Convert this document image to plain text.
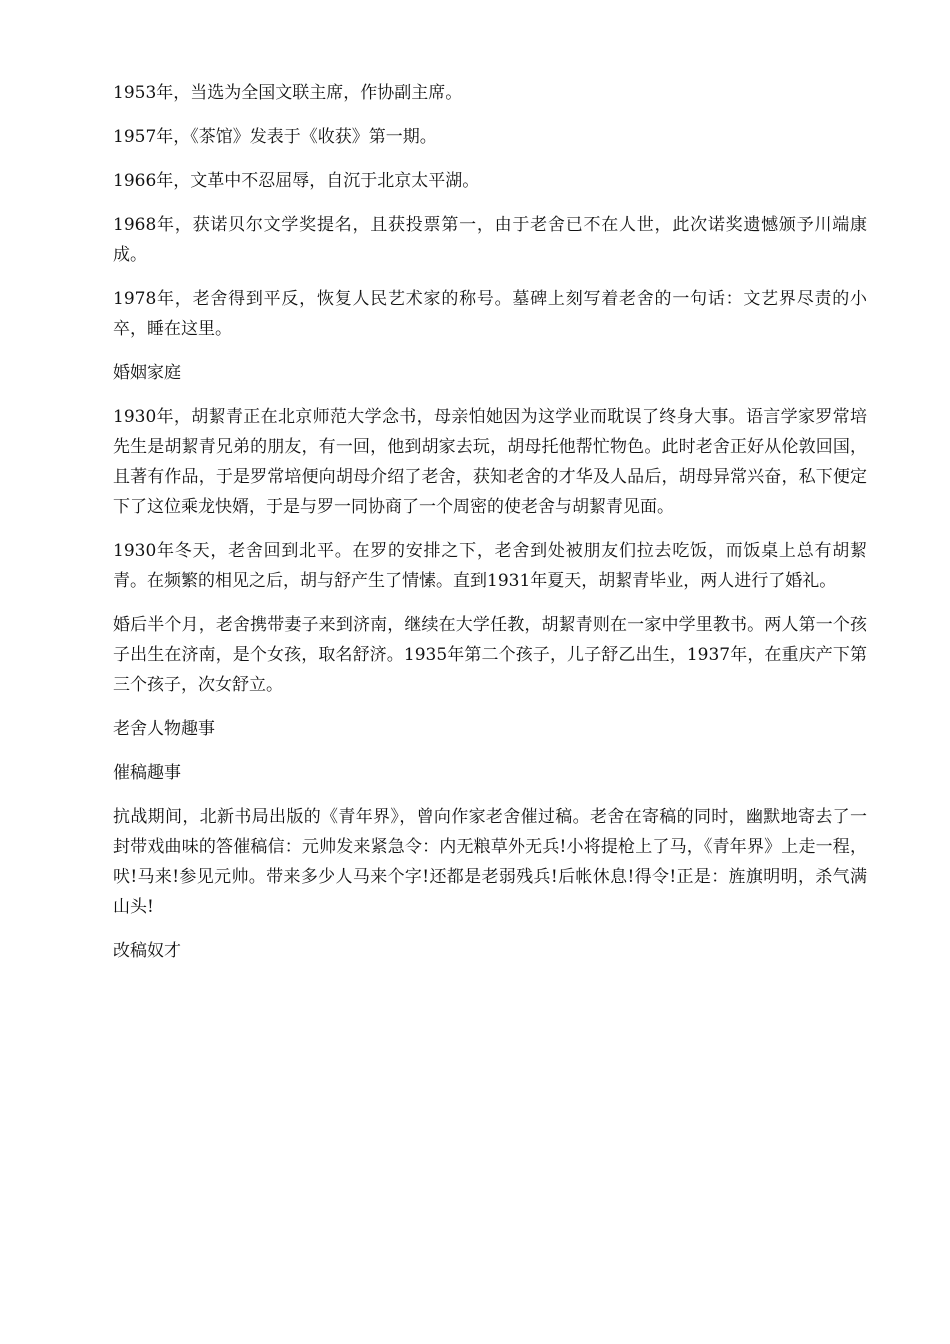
1953年，当选为全国文联主席，作协副主席。

1957年，《茶馆》发表于《收获》第一期。

1966年，文革中不忍屈辱，自沉于北京太平湖。

1968年，获诺贝尔文学奖提名，且获投票第一，由于老舍已不在人世，此次诺奖遗憾颁予川端康成。

1978年，老舍得到平反，恢复人民艺术家的称号。墓碑上刻写着老舍的一句话：文艺界尽责的小卒，睡在这里。

婚姻家庭

1930年，胡絜青正在北京师范大学念书，母亲怕她因为这学业而耽误了终身大事。语言学家罗常培先生是胡絜青兄弟的朋友，有一回，他到胡家去玩，胡母托他帮忙物色。此时老舍正好从伦敦回国，且著有作品，于是罗常培便向胡母介绍了老舍，获知老舍的才华及人品后，胡母异常兴奋，私下便定下了这位乘龙快婿，于是与罗一同协商了一个周密的使老舍与胡絜青见面。

1930年冬天，老舍回到北平。在罗的安排之下，老舍到处被朋友们拉去吃饭，而饭桌上总有胡絜青。在频繁的相见之后，胡与舒产生了情愫。直到1931年夏天，胡絜青毕业，两人进行了婚礼。

婚后半个月，老舍携带妻子来到济南，继续在大学任教，胡絜青则在一家中学里教书。两人第一个孩子出生在济南，是个女孩，取名舒济。1935年第二个孩子，儿子舒乙出生，1937年，在重庆产下第三个孩子，次女舒立。

老舍人物趣事

催稿趣事

抗战期间，北新书局出版的《青年界》，曾向作家老舍催过稿。老舍在寄稿的同时，幽默地寄去了一封带戏曲味的答催稿信：元帅发来紧急令：内无粮草外无兵!小将提枪上了马，《青年界》上走一程，吠!马来!参见元帅。带来多少人马来个字!还都是老弱残兵!后帐休息!得令!正是：旌旗明明，杀气满山头!

改稿奴才
